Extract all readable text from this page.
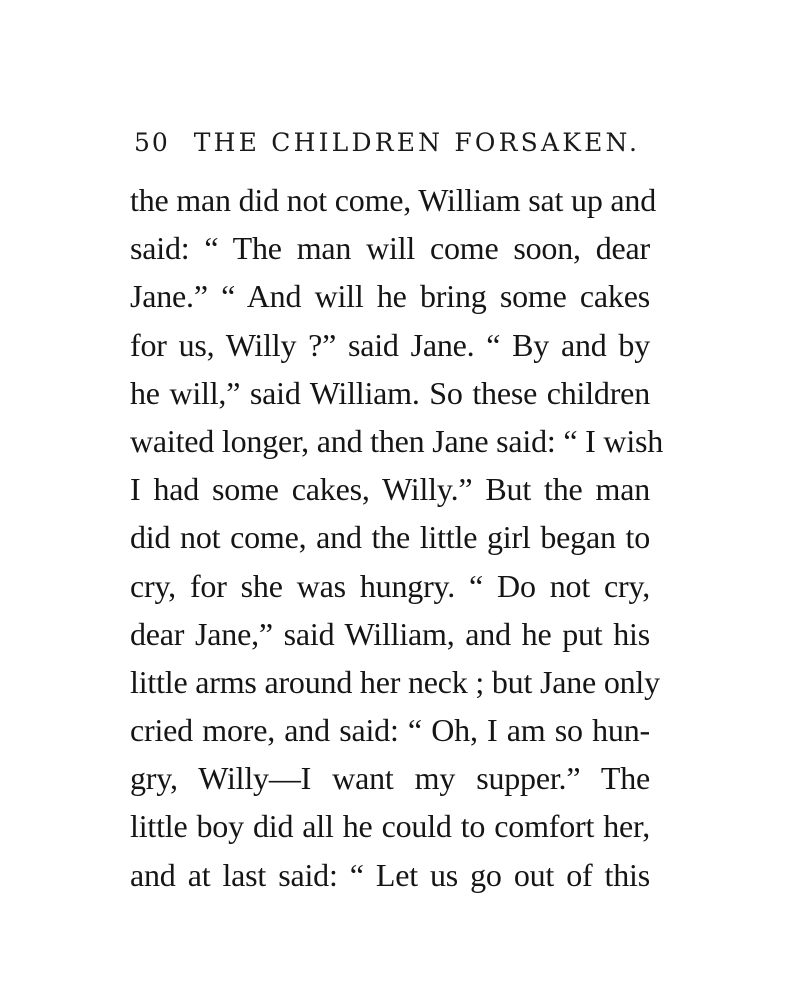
50 THE CHILDREN FORSAKEN.
the man did not come, William sat up and
said: “ The man will come soon, dear
Jane.” “ And will he bring some cakes
for us, Willy ?” said Jane. “ By and by
he will,” said William. So these children
waited longer, and then Jane said: “ I wish
I had some cakes, Willy.” But the man
did not come, and the little girl began to
cry, for she was hungry. “ Do not cry,
dear Jane,” said William, and he put his
little arms around her neck ; but Jane only
cried more, and said: “ Oh, I am so hun-
gry, Willy—I want my supper.” The
little boy did all he could to comfort her,
and at last said: “ Let us go out of this
